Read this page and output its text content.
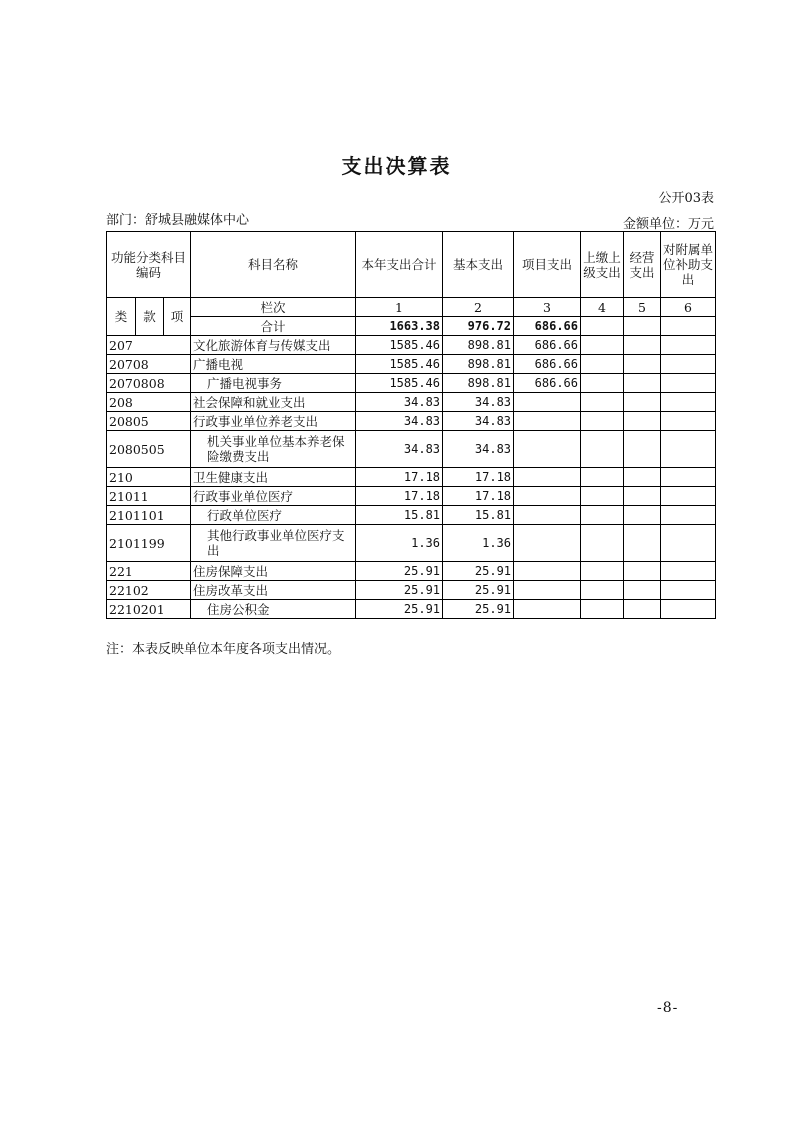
支出决算表
公开03表
部门：舒城县融媒体中心	金额单位：万元
功能分类科目编码			科目名称	本年支出合计	基本支出	项目支出	上缴上级支出	经营支出	对附属单位补助支出
类	款	项	栏次	1	2	3	4	5	6
			合计	1663.38	976.72	686.66			
207			文化旅游体育与传媒支出	1585.46	898.81	686.66			
20708			广播电视	1585.46	898.81	686.66			
2070808			广播电视事务	1585.46	898.81	686.66			
208			社会保障和就业支出	34.83	34.83				
20805			行政事业单位养老支出	34.83	34.83				
2080505			机关事业单位基本养老保险缴费支出	34.83	34.83				
210			卫生健康支出	17.18	17.18				
21011			行政事业单位医疗	17.18	17.18				
2101101			行政单位医疗	15.81	15.81				
2101199			其他行政事业单位医疗支出	1.36	1.36				
221			住房保障支出	25.91	25.91				
22102			住房改革支出	25.91	25.91				
2210201			住房公积金	25.91	25.91				
注：本表反映单位本年度各项支出情况。
-8-
